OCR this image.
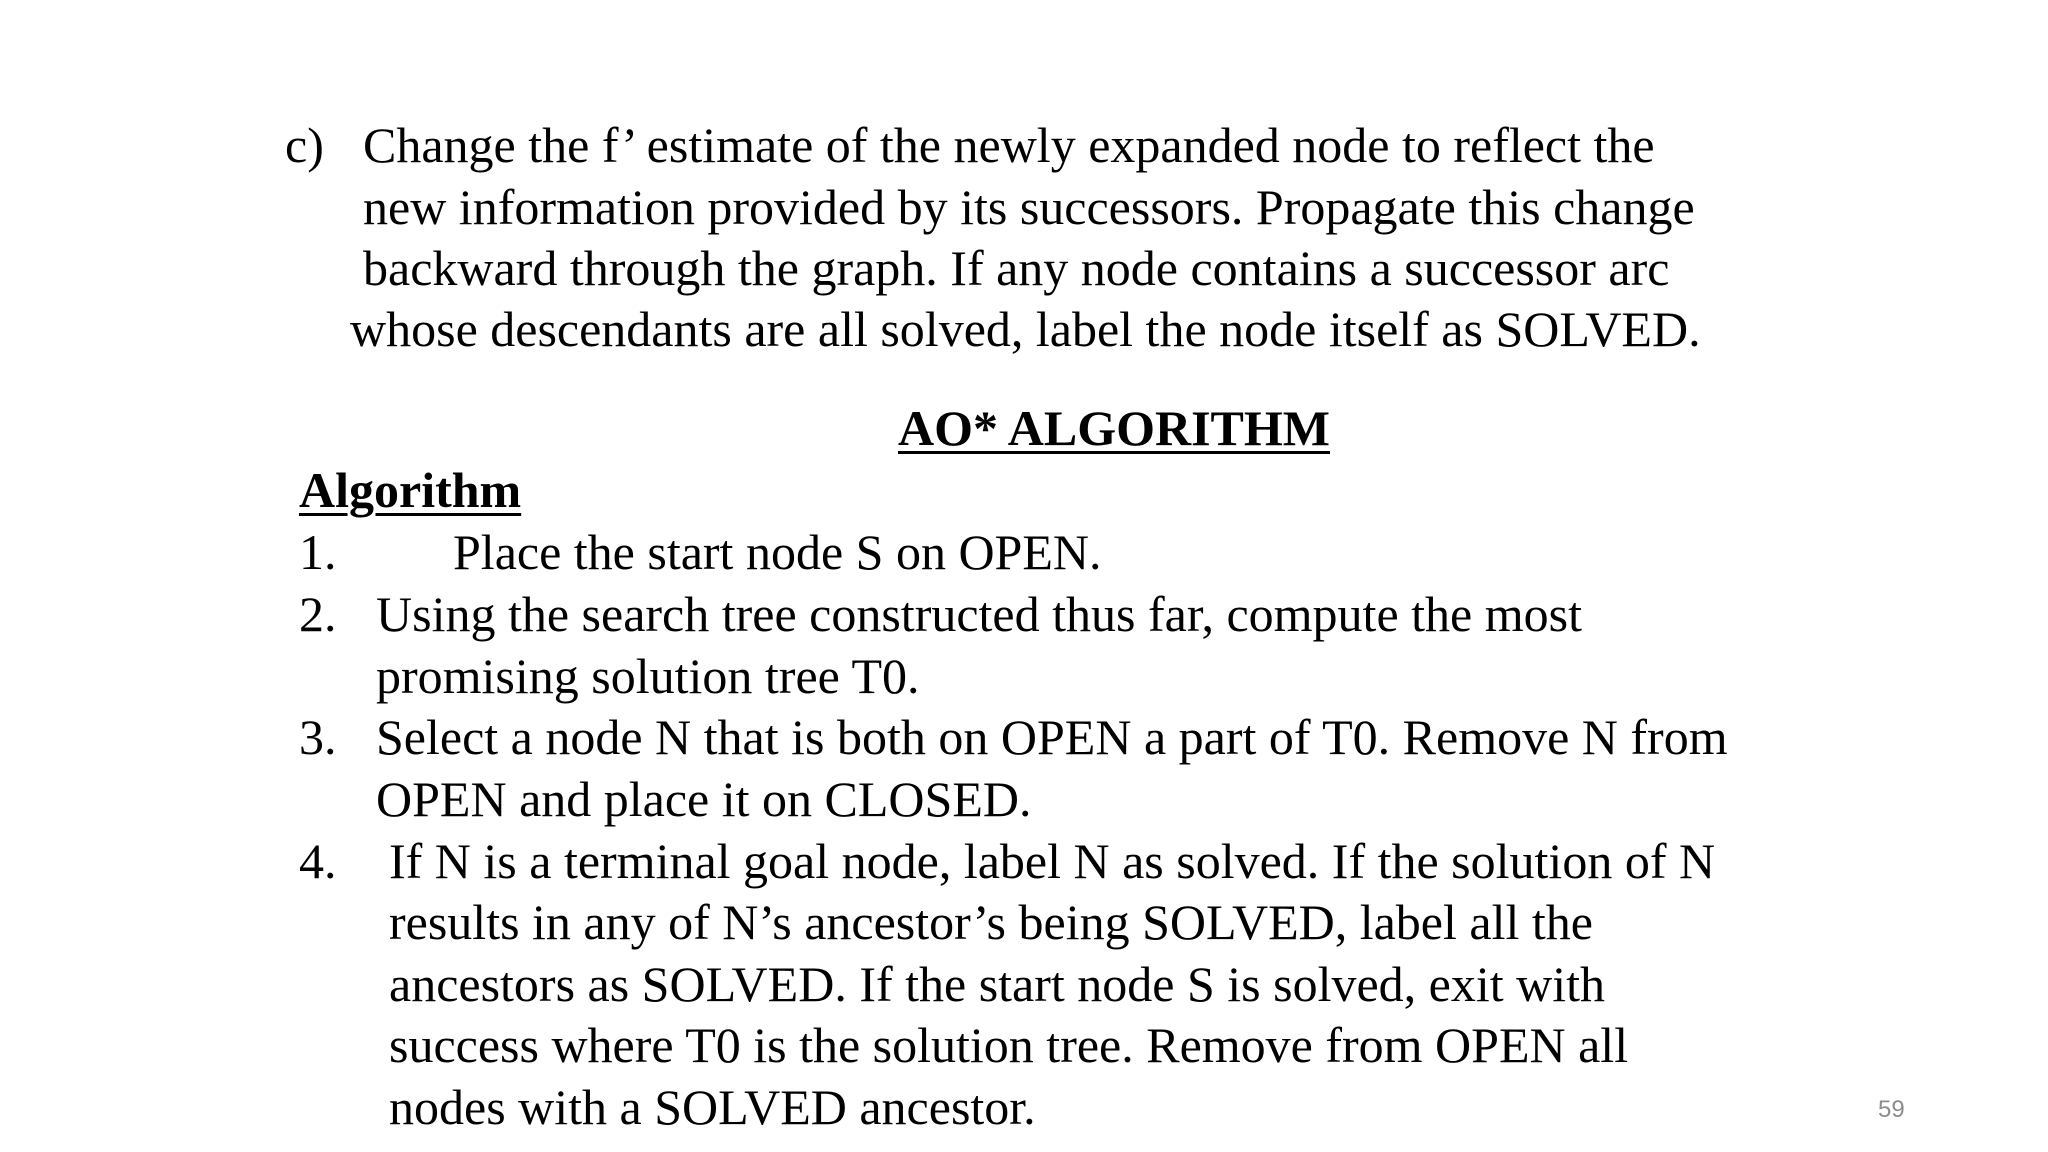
c) Change the f’ estimate of the newly expanded node to reflect the
new information provided by its successors. Propagate this change
backward through the graph. If any node contains a successor arc
whose descendants are all solved, label the node itself as SOLVED.
AO* ALGORITHM
Algorithm
1. Place the start node S on OPEN.
2. Using the search tree constructed thus far, compute the most
promising solution tree T0.
3. Select a node N that is both on OPEN a part of T0. Remove N from
OPEN and place it on CLOSED.
4. If N is a terminal goal node, label N as solved. If the solution of N
results in any of N’s ancestor’s being SOLVED, label all the
ancestors as SOLVED. If the start node S is solved, exit with
success where T0 is the solution tree. Remove from OPEN all
nodes with a SOLVED ancestor.	59
